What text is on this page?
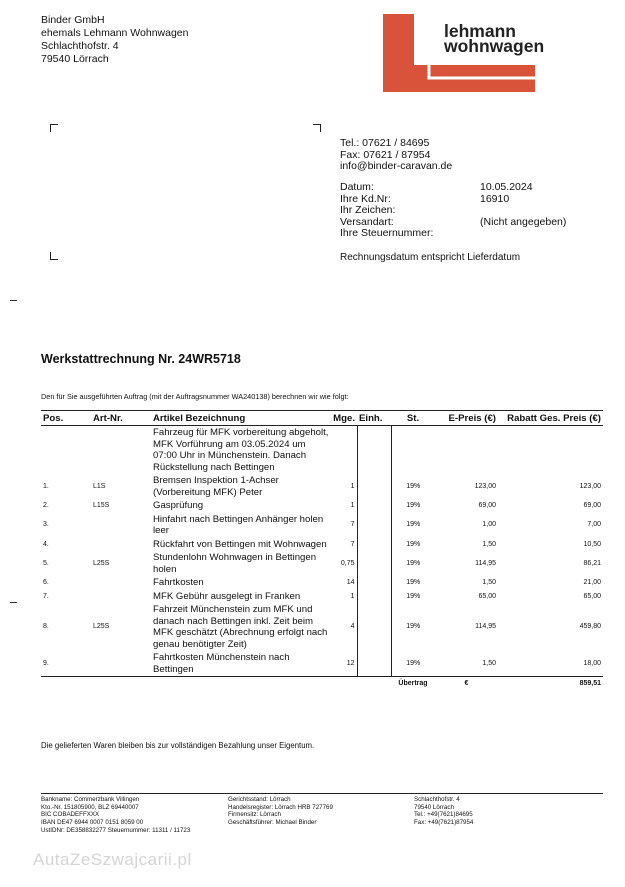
Binder GmbH
ehemals Lehmann Wohnwagen
Schlachthofstr. 4
79540 Lörrach
lehmann
wohnwagen
Tel.: 07621 / 84695
Fax: 07621 / 87954
info@binder-caravan.de
Datum:	10.05.2024
Ihre Kd.Nr:	16910
Ihr Zeichen:
Versandart:	(Nicht angegeben)
Ihre Steuernummer:
Rechnungsdatum entspricht Lieferdatum
Werkstattrechnung Nr. 24WR5718
Den für Sie ausgeführten Auftrag (mit der Auftragsnummer WA240138) berechnen wir wie folgt:
Pos.	Art-Nr.	Artikel Bezeichnung	Mge.	Einh.	St.	E-Preis (€)	Rabatt Ges. Preis (€)
		Fahrzeug für MFK vorbereitung abgeholt, MFK Vorführung am 03.05.2024 um 07:00 Uhr in Münchenstein. Danach Rückstellung nach Bettingen					
1.	L1S	Bremsen Inspektion 1-Achser (Vorbereitung MFK) Peter	1		19%	123,00	123,00
2.	L15S	Gasprüfung	1		19%	69,00	69,00
3.		Hinfahrt nach Bettingen Anhänger holen leer	7		19%	1,00	7,00
4.		Rückfahrt von Bettingen mit Wohnwagen	7		19%	1,50	10,50
5.	L25S	Stundenlohn Wohnwagen in Bettingen holen	0,75		19%	114,95	86,21
6.		Fahrtkosten	14		19%	1,50	21,00
7.		MFK Gebühr ausgelegt in Franken	1		19%	65,00	65,00
8.	L25S	Fahrzeit Münchenstein zum MFK und danach nach Bettingen inkl. Zeit beim MFK geschätzt (Abrechnung erfolgt nach genau benötigter Zeit)	4		19%	114,95	459,80
9.		Fahrtkosten Münchenstein nach Bettingen	12		19%	1,50	18,00
					Übertrag	€	859,51
Die gelieferten Waren bleiben bis zur vollständigen Bezahlung unser Eigentum.
Bankname: Commerzbank Villingen
Kto.-Nr. 151805900, BLZ 69440007
BIC COBADEFFXXX
IBAN DE47 6944 0007 0151 8059 00
UstIDNr: DE358832277 Steuernummer: 11311 / 11723
Gerichtsstand: Lörrach
Handelsregister: Lörrach HRB 727769
Firmensitz: Lörrach
Geschäftsführer: Michael Binder
Schlachthofstr. 4
79540 Lörrach
Tel.: +49(7621)84695
Fax: +49(7621)87954
AutaZeSzwajcarii.pl
